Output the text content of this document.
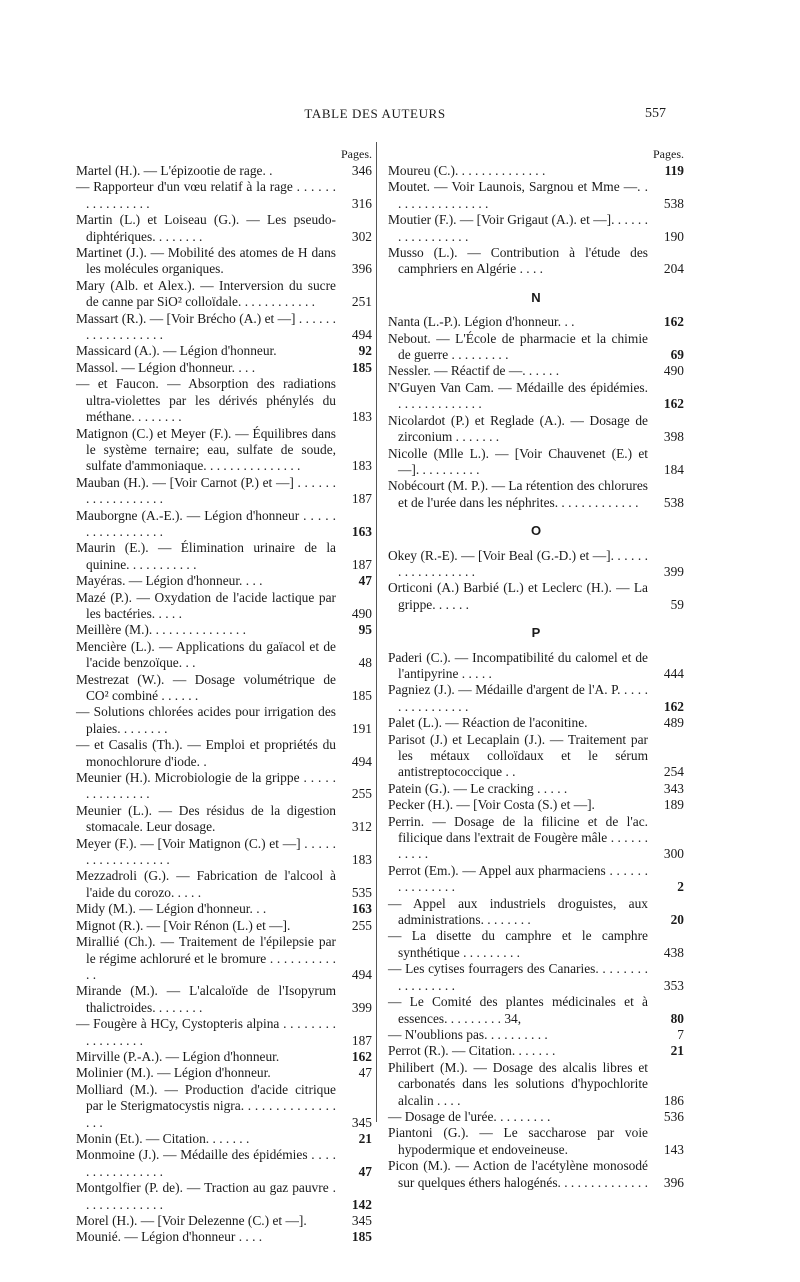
TABLE DES AUTEURS	557
Pages.
Martel (H.). — L'épizootie de rage. .	346
— Rapporteur d'un vœu relatif à la rage . . . . . . . . . . . . . . . .	316
Martin (L.) et Loiseau (G.). — Les pseudo-diphtériques. . . . . . . .	302
Martinet (J.). — Mobilité des atomes de H dans les molécules organiques.	396
Mary (Alb. et Alex.). — Interversion du sucre de canne par SiO² colloïdale. . . . . . . . . . . .	251
Massart (R.). — [Voir Brécho (A.) et —] . . . . . . . . . . . . . . . . . .	494
Massicard (A.). — Légion d'honneur.	92
Massol. — Légion d'honneur. . . .	185
— et Faucon. — Absorption des radiations ultra-violettes par les dérivés phénylés du méthane. . . . . . . .	183
Matignon (C.) et Meyer (F.). — Équilibres dans le système ternaire; eau, sulfate de soude, sulfate d'ammoniaque. . . . . . . . . . . . . . .	183
Mauban (H.). — [Voir Carnot (P.) et —] . . . . . . . . . . . . . . . . . .	187
Mauborgne (A.-E.). — Légion d'honneur . . . . . . . . . . . . . . . . .	163
Maurin (E.). — Élimination urinaire de la quinine. . . . . . . . . . .	187
Mayéras. — Légion d'honneur. . . .	47
Mazé (P.). — Oxydation de l'acide lactique par les bactéries. . . . .	490
Meillère (M.). . . . . . . . . . . . . . .	95
Mencière (L.). — Applications du gaïacol et de l'acide benzoïque. . .	48
Mestrezat (W.). — Dosage volumétrique de CO² combiné . . . . . .	185
— Solutions chlorées acides pour irrigation des plaies. . . . . . . .	191
— et Casalis (Th.). — Emploi et propriétés du monochlorure d'iode. .	494
Meunier (H.). Microbiologie de la grippe . . . . . . . . . . . . . . .	255
Meunier (L.). — Des résidus de la digestion stomacale. Leur dosage.	312
Meyer (F.). — [Voir Matignon (C.) et —] . . . . . . . . . . . . . . . . . .	183
Mezzadroli (G.). — Fabrication de l'alcool à l'aide du corozo. . . . .	535
Midy (M.). — Légion d'honneur. . .	163
Mignot (R.). — [Voir Rénon (L.) et —].	255
Mirallié (Ch.). — Traitement de l'épilepsie par le régime achloruré et le bromure . . . . . . . . . . . .	494
Mirande (M.). — L'alcaloïde de l'Isopyrum thalictroides. . . . . . . .	399
— Fougère à HCy, Cystopteris alpina . . . . . . . . . . . . . . . . .	187
Mirville (P.-A.). — Légion d'honneur.	162
Molinier (M.). — Légion d'honneur.	47
Molliard (M.). — Production d'acide citrique par le Sterigmatocystis nigra. . . . . . . . . . . . . . . . .	345
Monin (Et.). — Citation. . . . . . .	21
Monmoine (J.). — Médaille des épidémies . . . . . . . . . . . . . . . .	47
Montgolfier (P. de). — Traction au gaz pauvre . . . . . . . . . . . . .	142
Morel (H.). — [Voir Delezenne (C.) et —].	345
Mounié. — Légion d'honneur . . . .	185
Pages.
Moureu (C.). . . . . . . . . . . . . .	119
Moutet. — Voir Launois, Sargnou et Mme —. . . . . . . . . . . . . . . .	538
Moutier (F.). — [Voir Grigaut (A.). et —]. . . . . . . . . . . . . . . . .	190
Musso (L.). — Contribution à l'étude des camphriers en Algérie . . . .	204
N
Nanta (L.-P.). Légion d'honneur. . .	162
Nebout. — L'École de pharmacie et la chimie de guerre . . . . . . . . .	69
Nessler. — Réactif de —. . . . . .	490
N'Guyen Van Cam. — Médaille des épidémies. . . . . . . . . . . . . .	162
Nicolardot (P.) et Reglade (A.). — Dosage de zirconium . . . . . . .	398
Nicolle (Mlle L.). — [Voir Chauvenet (E.) et —]. . . . . . . . . .	184
Nobécourt (M. P.). — La rétention des chlorures et de l'urée dans les néphrites. . . . . . . . . . . . .	538
O
Okey (R.-E). — [Voir Beal (G.-D.) et —]. . . . . . . . . . . . . . . . . .	399
Orticoni (A.) Barbié (L.) et Leclerc (H.). — La grippe. . . . . .	59
P
Paderi (C.). — Incompatibilité du calomel et de l'antipyrine . . . . .	444
Pagniez (J.). — Médaille d'argent de l'A. P. . . . . . . . . . . . . . . .	162
Palet (L.). — Réaction de l'aconitine.	489
Parisot (J.) et Lecaplain (J.). — Traitement par les métaux colloïdaux et le sérum antistreptococcique . .	254
Patein (G.). — Le cracking . . . . .	343
Pecker (H.). — [Voir Costa (S.) et —].	189
Perrin. — Dosage de la filicine et de l'ac. filicique dans l'extrait de Fougère mâle . . . . . . . . . . .	300
Perrot (Em.). — Appel aux pharmaciens . . . . . . . . . . . . . . .	2
— Appel aux industriels droguistes, aux administrations. . . . . . . .	20
— La disette du camphre et le camphre synthétique . . . . . . . . .	438
— Les cytises fourragers des Canaries. . . . . . . . . . . . . . . . .	353
— Le Comité des plantes médicinales et à essences. . . . . . . . . 34,	80
— N'oublions pas. . . . . . . . . .	7
Perrot (R.). — Citation. . . . . . .	21
Philibert (M.). — Dosage des alcalis libres et carbonatés dans les solutions d'hypochlorite alcalin . . . .	186
— Dosage de l'urée. . . . . . . . .	536
Piantoni (G.). — Le saccharose par voie hypodermique et endoveineuse.	143
Picon (M.). — Action de l'acétylène monosodé sur quelques éthers halogénés. . . . . . . . . . . . . .	396
